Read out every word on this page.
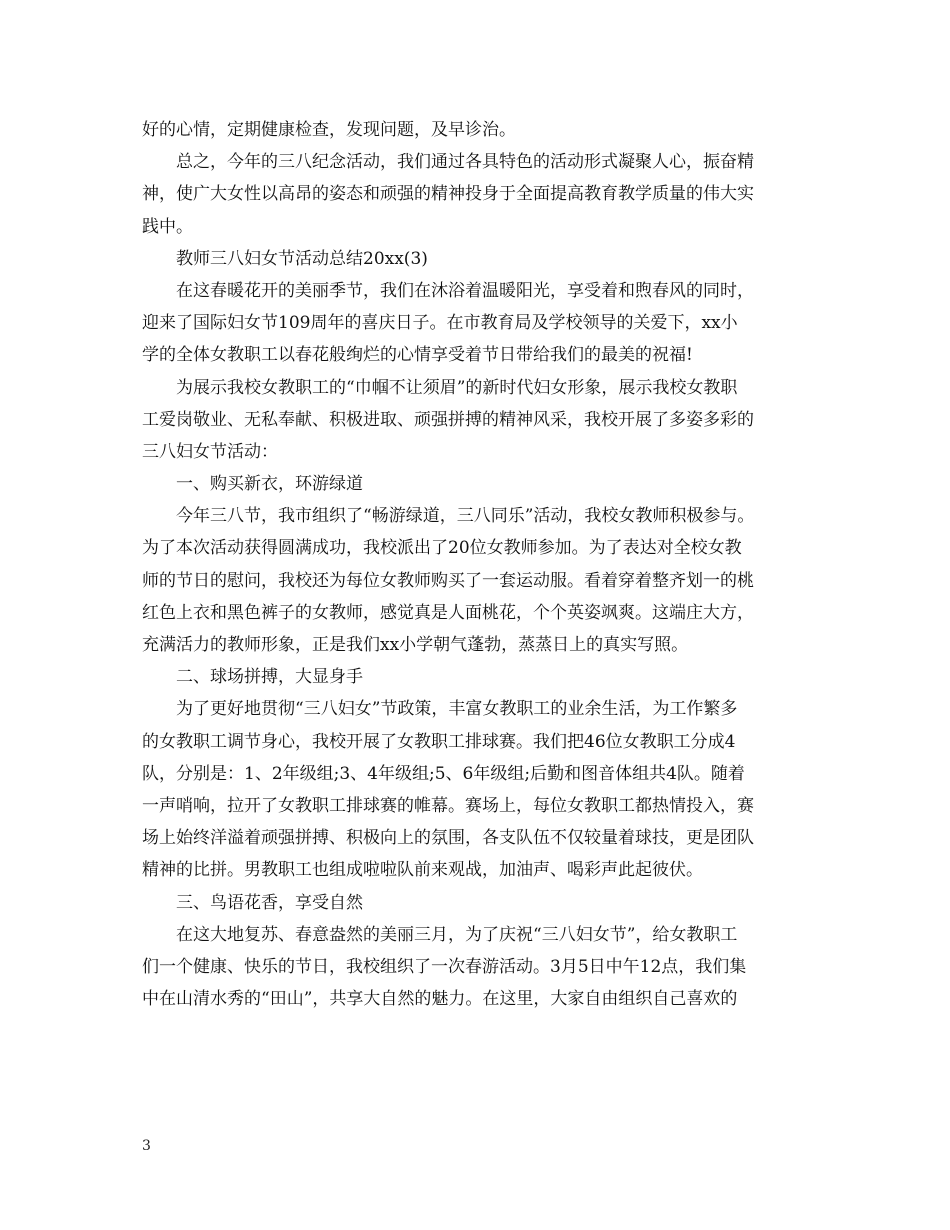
好的心情，定期健康检查，发现问题，及早诊治。
总之，今年的三八纪念活动，我们通过各具特色的活动形式凝聚人心，振奋精
神，使广大女性以高昂的姿态和顽强的精神投身于全面提高教育教学质量的伟大实
践中。
教师三八妇女节活动总结20xx(3)
在这春暖花开的美丽季节，我们在沐浴着温暖阳光，享受着和煦春风的同时，
迎来了国际妇女节109周年的喜庆日子。在市教育局及学校领导的关爱下，xx小
学的全体女教职工以春花般绚烂的心情享受着节日带给我们的最美的祝福!
为展示我校女教职工的“巾帼不让须眉”的新时代妇女形象，展示我校女教职
工爱岗敬业、无私奉献、积极进取、顽强拼搏的精神风采，我校开展了多姿多彩的
三八妇女节活动：
一、购买新衣，环游绿道
今年三八节，我市组织了“畅游绿道，三八同乐”活动，我校女教师积极参与。
为了本次活动获得圆满成功，我校派出了20位女教师参加。为了表达对全校女教
师的节日的慰问，我校还为每位女教师购买了一套运动服。看着穿着整齐划一的桃
红色上衣和黑色裤子的女教师，感觉真是人面桃花，个个英姿飒爽。这端庄大方，
充满活力的教师形象，正是我们xx小学朝气蓬勃，蒸蒸日上的真实写照。
二、球场拼搏，大显身手
为了更好地贯彻“三八妇女”节政策，丰富女教职工的业余生活，为工作繁多
的女教职工调节身心，我校开展了女教职工排球赛。我们把46位女教职工分成4
队，分别是：1、2年级组;3、4年级组;5、6年级组;后勤和图音体组共4队。随着
一声哨响，拉开了女教职工排球赛的帷幕。赛场上，每位女教职工都热情投入，赛
场上始终洋溢着顽强拼搏、积极向上的氛围，各支队伍不仅较量着球技，更是团队
精神的比拼。男教职工也组成啦啦队前来观战，加油声、喝彩声此起彼伏。
三、鸟语花香，享受自然
在这大地复苏、春意盎然的美丽三月，为了庆祝“三八妇女节”，给女教职工
们一个健康、快乐的节日，我校组织了一次春游活动。3月5日中午12点，我们集
中在山清水秀的“田山”，共享大自然的魅力。在这里，大家自由组织自己喜欢的
3
